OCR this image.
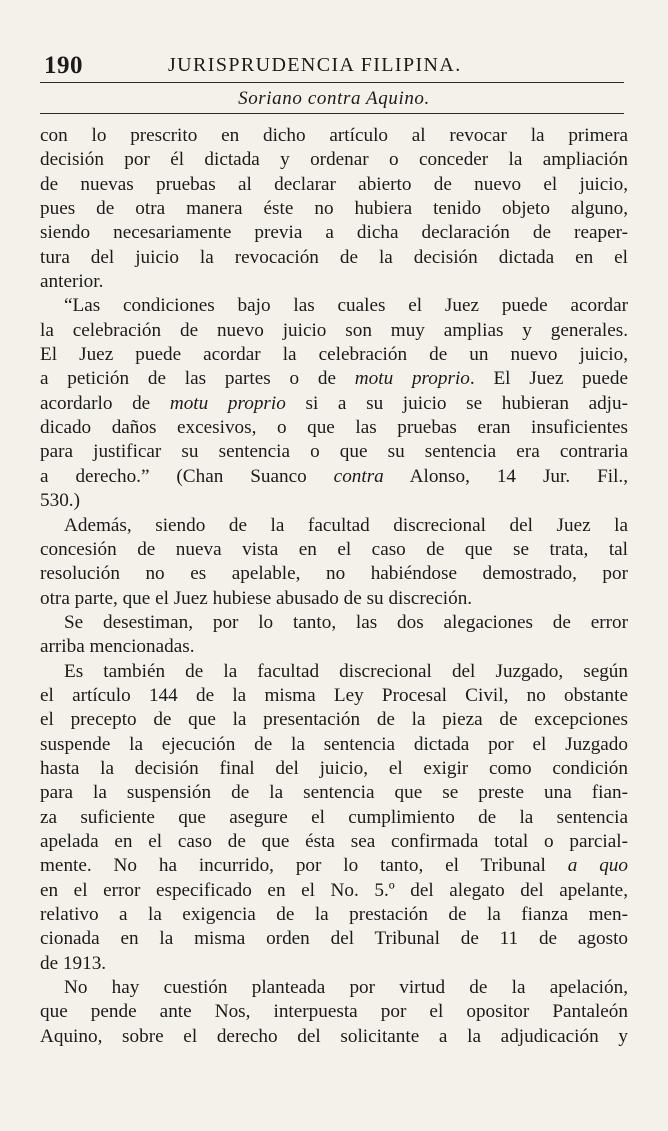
190	JURISPRUDENCIA FILIPINA.
Soriano contra Aquino.

con lo prescrito en dicho artículo al revocar la primera
decisión por él dictada y ordenar o conceder la ampliación
de nuevas pruebas al declarar abierto de nuevo el juicio,
pues de otra manera éste no hubiera tenido objeto alguno,
siendo necesariamente previa a dicha declaración de reaper-
tura del juicio la revocación de la decisión dictada en el
anterior.

“Las condiciones bajo las cuales el Juez puede acordar
la celebración de nuevo juicio son muy amplias y generales.
El Juez puede acordar la celebración de un nuevo juicio,
a petición de las partes o de motu proprio. El Juez puede
acordarlo de motu proprio si a su juicio se hubieran adju-
dicado daños excesivos, o que las pruebas eran insuficientes
para justificar su sentencia o que su sentencia era contraria
a derecho.” (Chan Suanco contra Alonso, 14 Jur. Fil.,
530.)

Además, siendo de la facultad discrecional del Juez la
concesión de nueva vista en el caso de que se trata, tal
resolución no es apelable, no habiéndose demostrado, por
otra parte, que el Juez hubiese abusado de su discreción.

Se desestiman, por lo tanto, las dos alegaciones de error
arriba mencionadas.

Es también de la facultad discrecional del Juzgado, según
el artículo 144 de la misma Ley Procesal Civil, no obstante
el precepto de que la presentación de la pieza de excepciones
suspende la ejecución de la sentencia dictada por el Juzgado
hasta la decisión final del juicio, el exigir como condición
para la suspensión de la sentencia que se preste una fian-
za suficiente que asegure el cumplimiento de la sentencia
apelada en el caso de que ésta sea confirmada total o parcial-
mente. No ha incurrido, por lo tanto, el Tribunal a quo
en el error especificado en el No. 5.º del alegato del apelante,
relativo a la exigencia de la prestación de la fianza men-
cionada en la misma orden del Tribunal de 11 de agosto
de 1913.

No hay cuestión planteada por virtud de la apelación,
que pende ante Nos, interpuesta por el opositor Pantaleón
Aquino, sobre el derecho del solicitante a la adjudicación y
